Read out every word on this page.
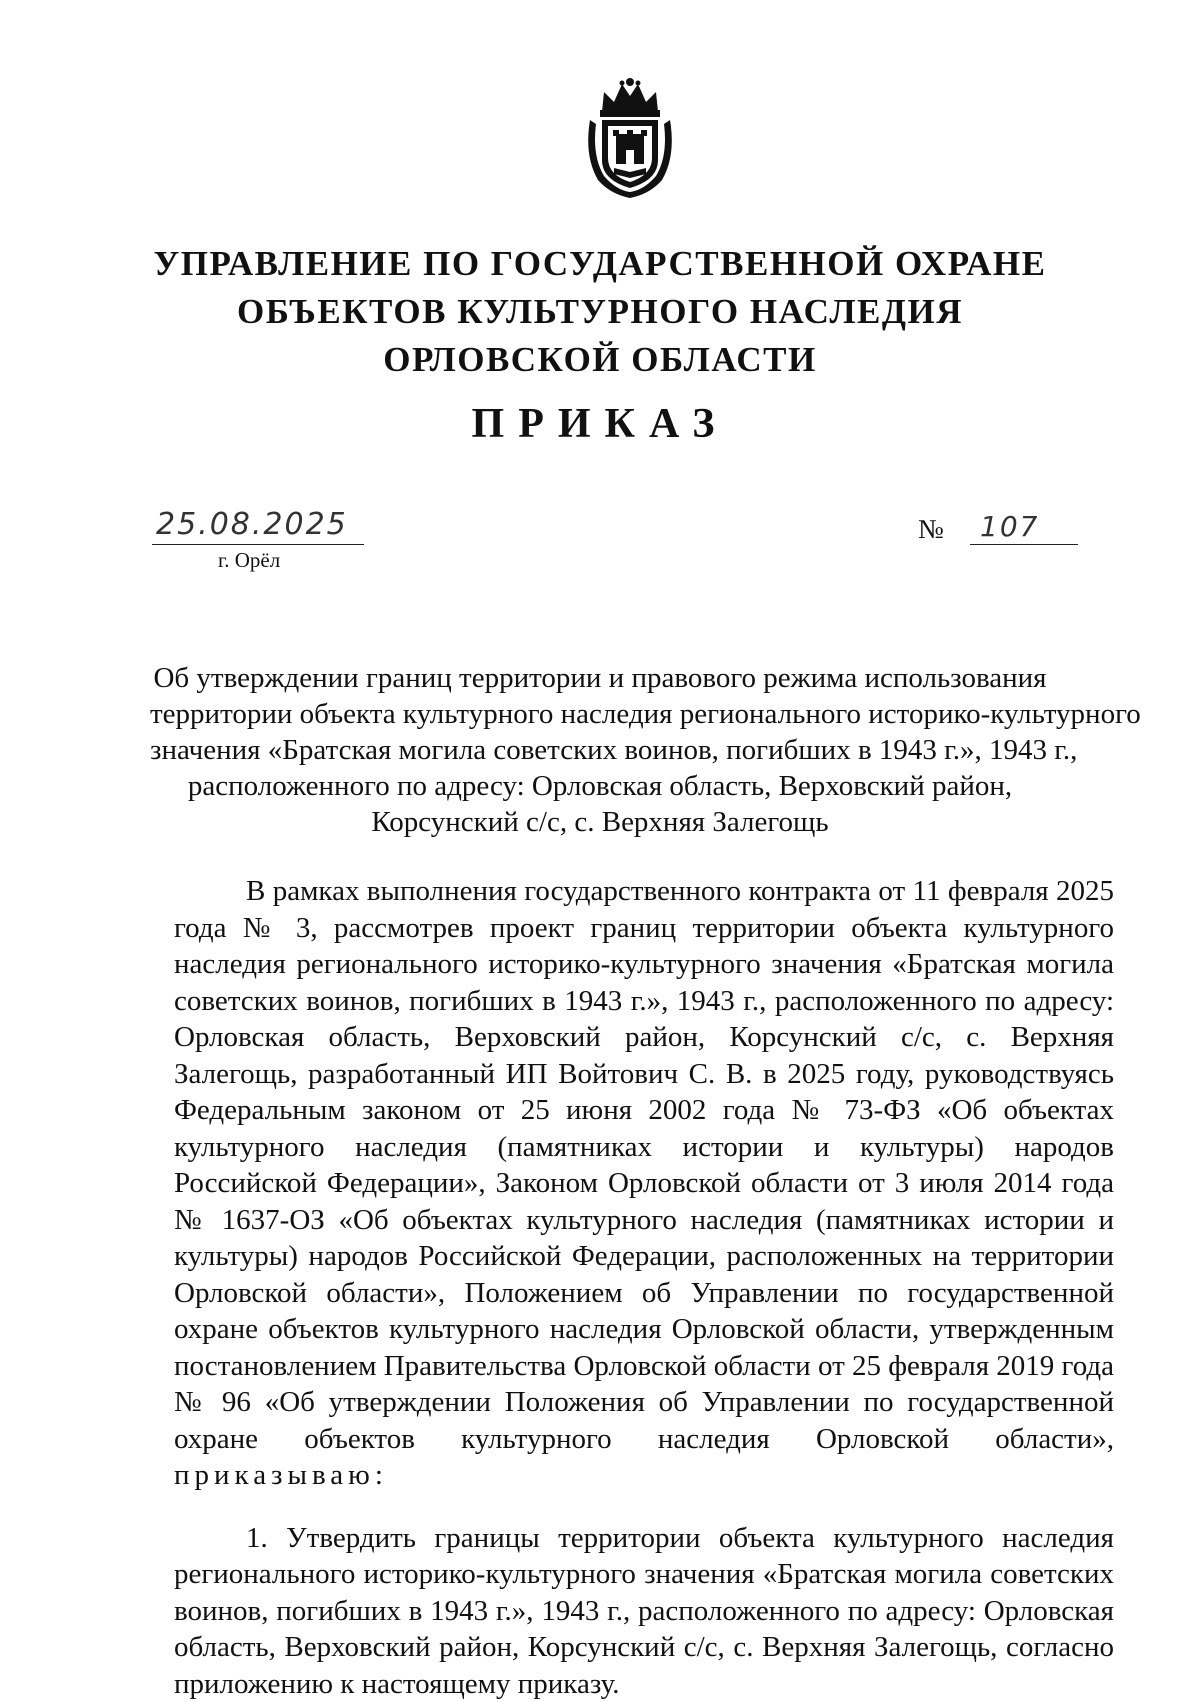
УПРАВЛЕНИЕ ПО ГОСУДАРСТВЕННОЙ ОХРАНЕ
ОБЪЕКТОВ КУЛЬТУРНОГО НАСЛЕДИЯ
ОРЛОВСКОЙ ОБЛАСТИ
ПРИКАЗ
25.08.2025
г. Орёл
№	107
Об утверждении границ территории и правового режима использования
территории объекта культурного наследия регионального историко-культурного
значения «Братская могила советских воинов, погибших в 1943 г.», 1943 г.,
расположенного по адресу: Орловская область, Верховский район,
Корсунский с/с, с. Верхняя Залегощь

В рамках выполнения государственного контракта от 11 февраля 2025 года № 3, рассмотрев проект границ территории объекта культурного наследия регионального историко-культурного значения «Братская могила советских воинов, погибших в 1943 г.», 1943 г., расположенного по адресу: Орловская область, Верховский район, Корсунский с/с, с. Верхняя Залегощь, разработанный ИП Войтович С. В. в 2025 году, руководствуясь Федеральным законом от 25 июня 2002 года № 73-ФЗ «Об объектах культурного наследия (памятниках истории и культуры) народов Российской Федерации», Законом Орловской области от 3 июля 2014 года № 1637-ОЗ «Об объектах культурного наследия (памятниках истории и культуры) народов Российской Федерации, расположенных на территории Орловской области», Положением об Управлении по государственной охране объектов культурного наследия Орловской области, утвержденным постановлением Правительства Орловской области от 25 февраля 2019 года № 96 «Об утверждении Положения об Управлении по государственной охране объектов культурного наследия Орловской области», приказываю:

1. Утвердить границы территории объекта культурного наследия регионального историко-культурного значения «Братская могила советских воинов, погибших в 1943 г.», 1943 г., расположенного по адресу: Орловская область, Верховский район, Корсунский с/с, с. Верхняя Залегощь, согласно приложению к настоящему приказу.
